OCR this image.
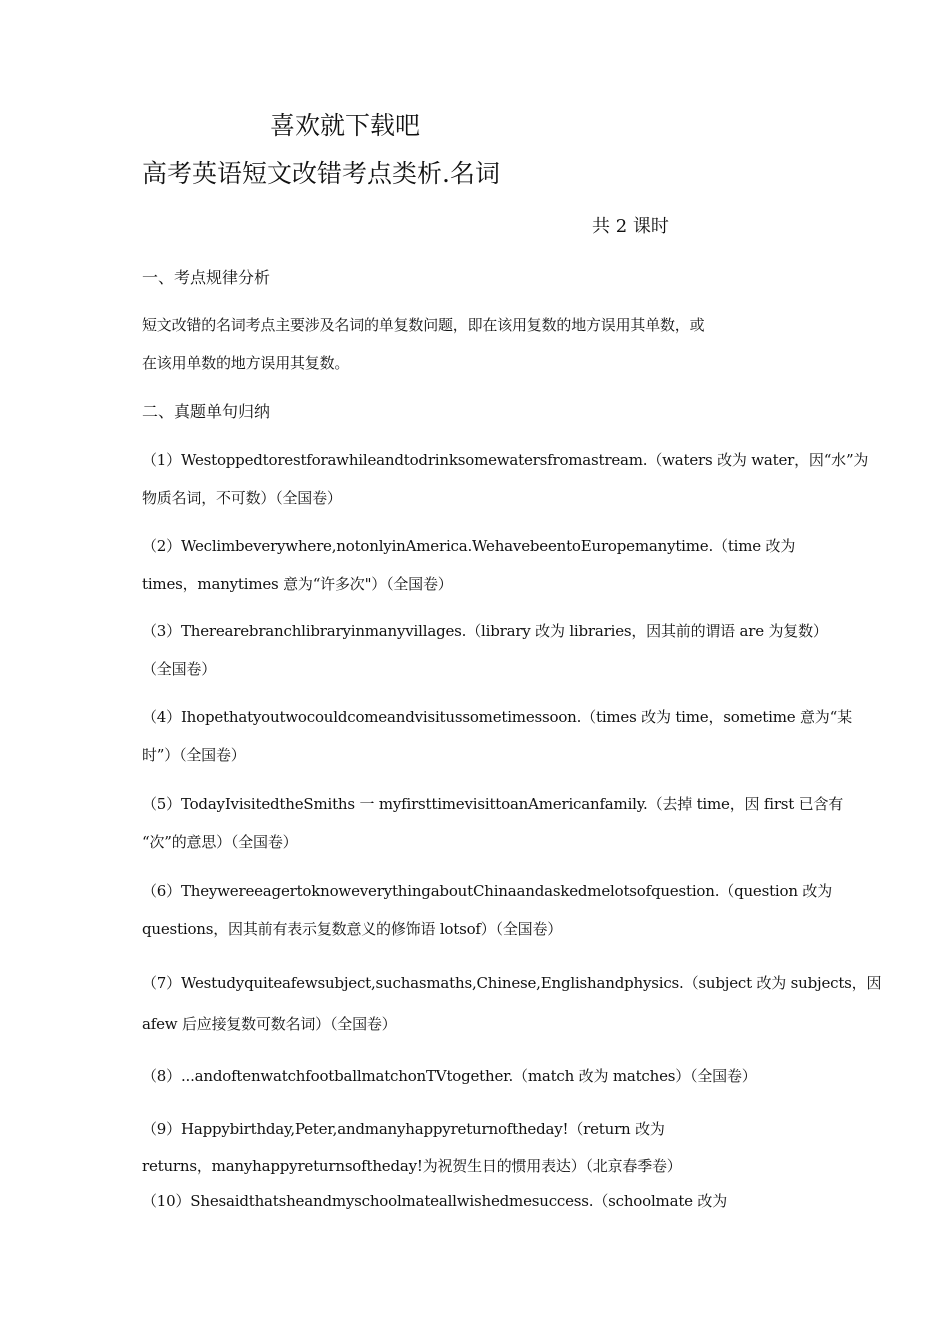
喜欢就下载吧
高考英语短文改错考点类析.名词
共 2 课时
一、考点规律分析
短文改错的名词考点主要涉及名词的单复数问题，即在该用复数的地方误用其单数，或
在该用单数的地方误用其复数。
二、真题单句归纳
（1）Westoppedtorestforawhileandtodrinksomewatersfromastream.（waters 改为 water，因“水”为
物质名词，不可数）（全国卷）
（2）Weclimbeverywhere,notonlyinAmerica.WehavebeentoEuropemanytime.（time 改为
times，manytimes 意为“许多次"）（全国卷）
（3）Therearebranchlibraryinmanyvillages.（library 改为 libraries，因其前的谓语 are 为复数）
（全国卷）
（4）Ihopethatyoutwocouldcomeandvisitussometimessoon.（times 改为 time，sometime 意为“某
时”）（全国卷）
（5）TodayIvisitedtheSmiths 一 myfirsttimevisittoanAmericanfamily.（去掉 time，因 first 已含有
“次”的意思）（全国卷）
（6）TheywereeagertoknoweverythingaboutChinaandaskedmelotsofquestion.（question 改为
questions，因其前有表示复数意义的修饰语 lotsof）（全国卷）
（7）Westudyquiteafewsubject,suchasmaths,Chinese,Englishandphysics.（subject 改为 subjects，因
afew 后应接复数可数名词）（全国卷）
（8）...andoftenwatchfootballmatchonTVtogether.（match 改为 matches）（全国卷）
（9）Happybirthday,Peter,andmanyhappyreturnoftheday!（return 改为
returns，manyhappyreturnsoftheday!为祝贺生日的惯用表达）（北京春季卷）
（10）Shesaidthatsheandmyschoolmateallwishedmesuccess.（schoolmate 改为
